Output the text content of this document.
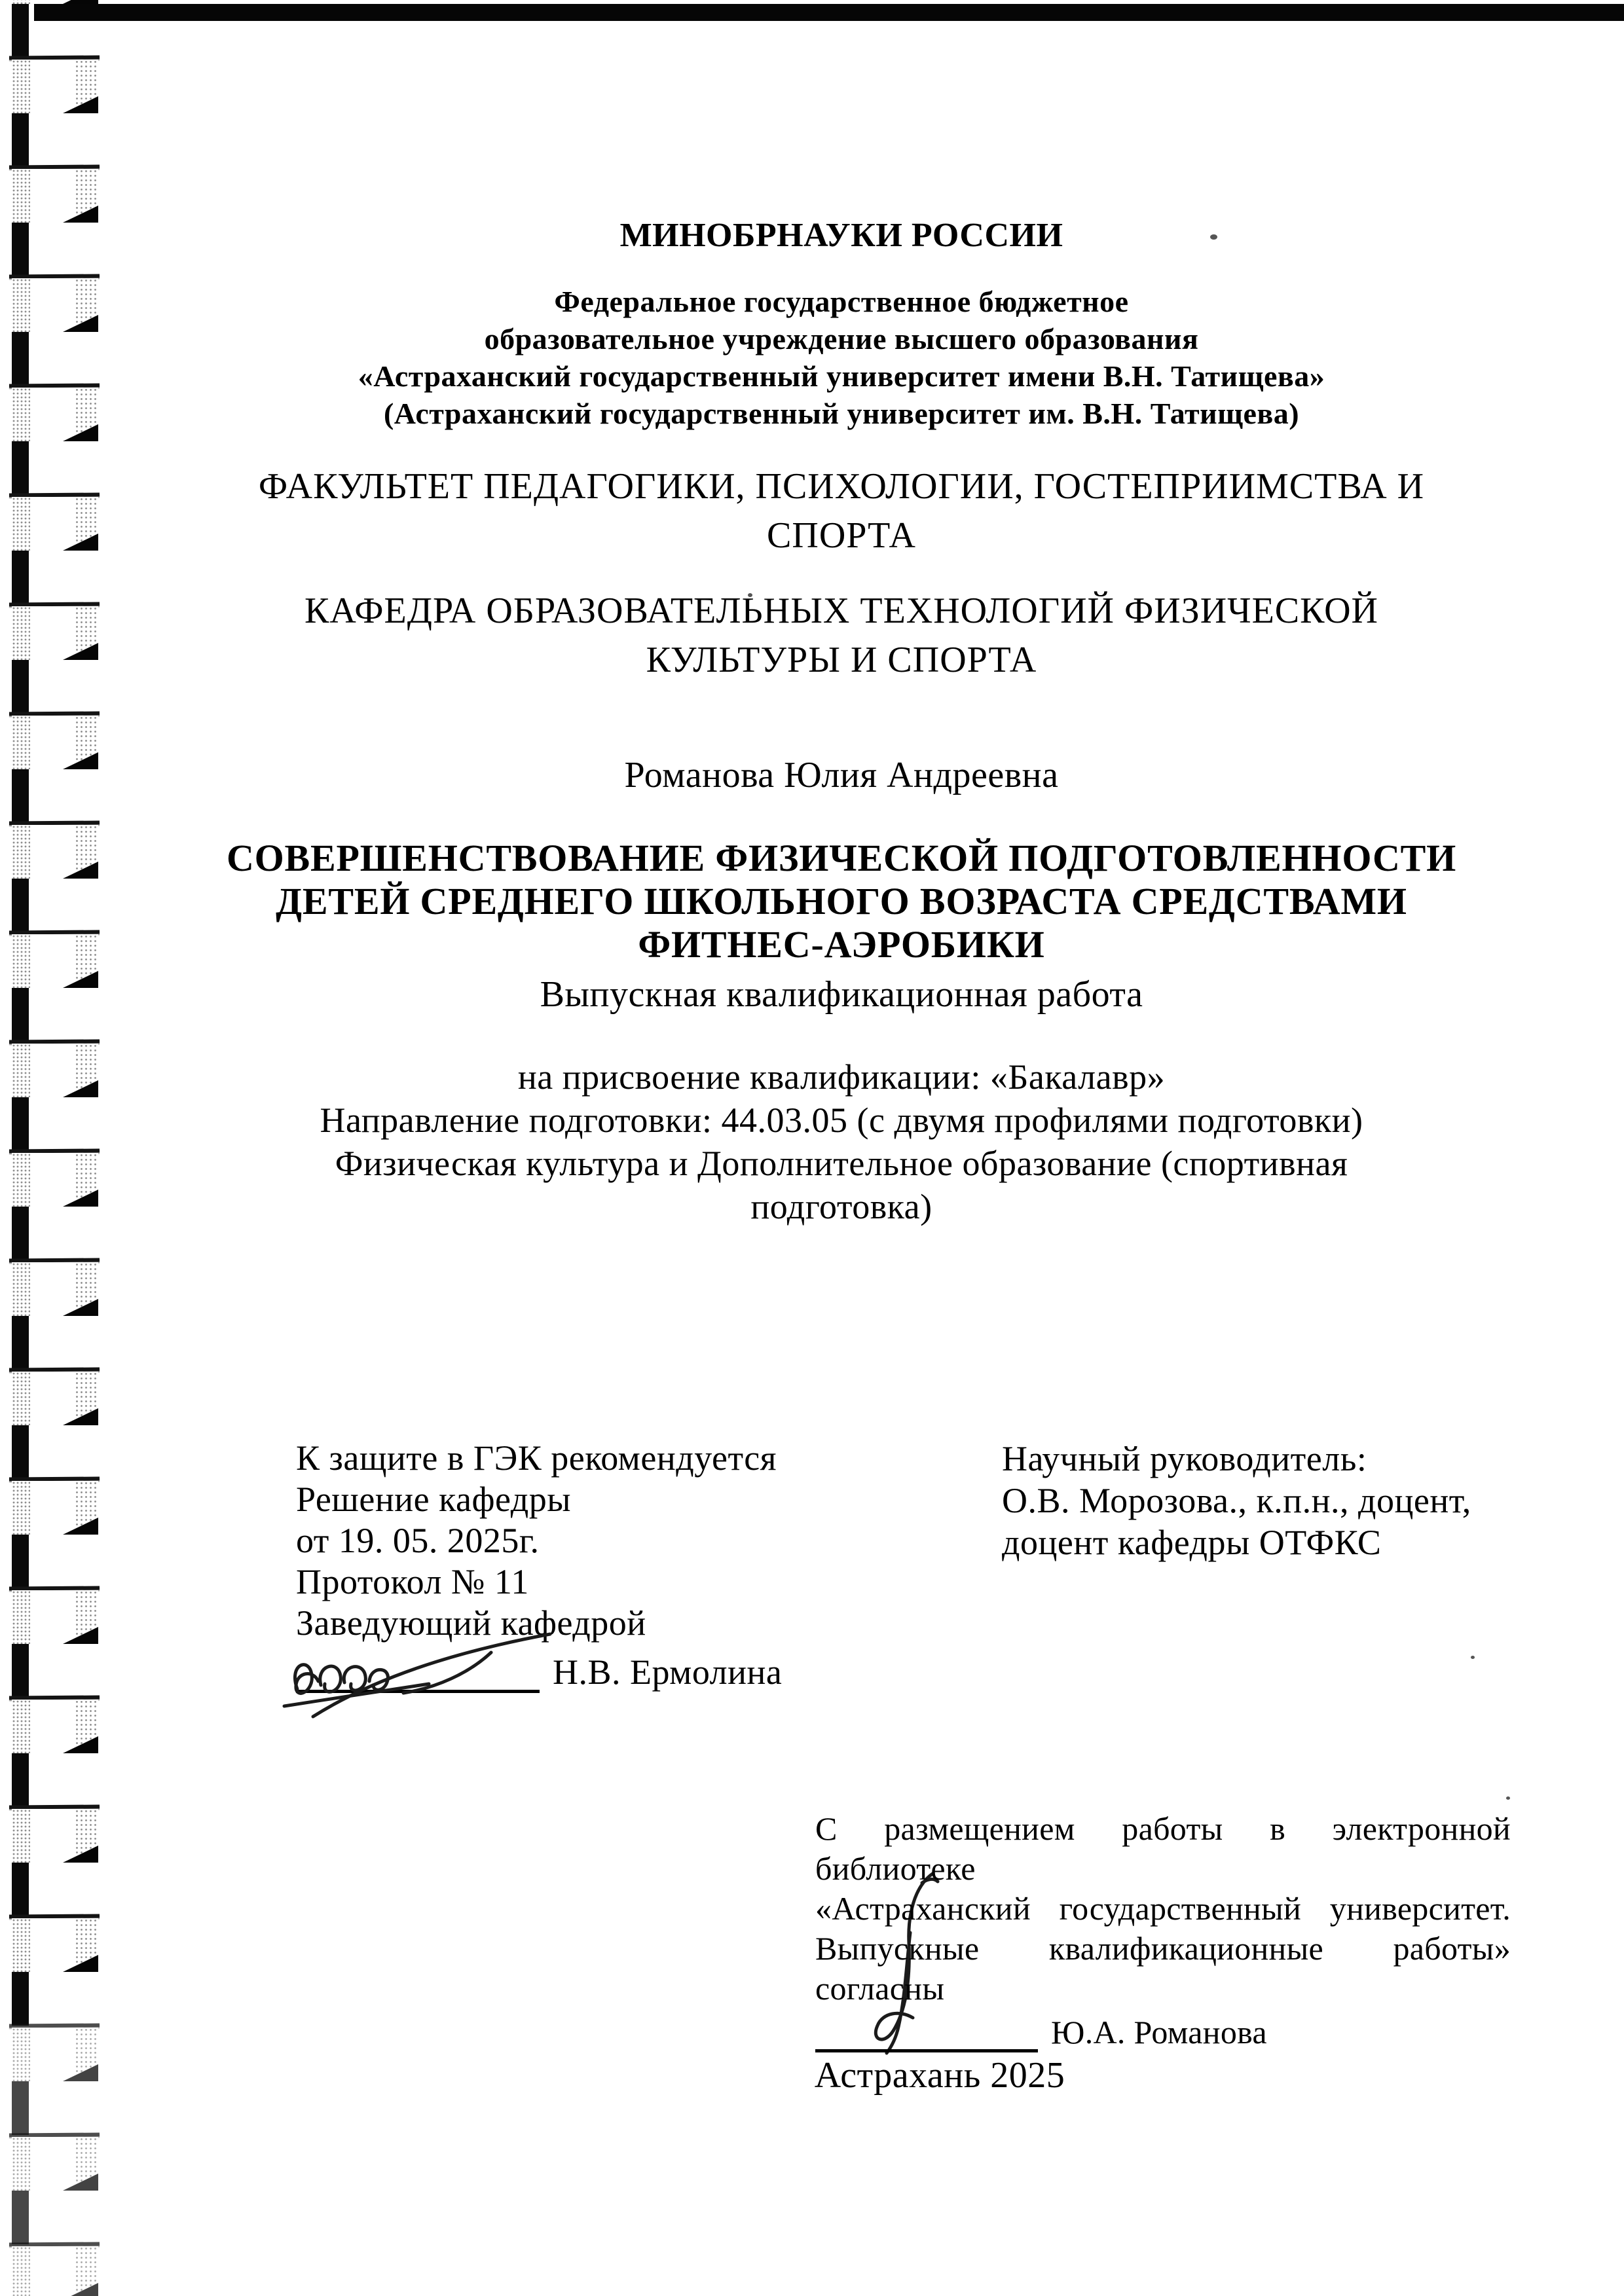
МИНОБРНАУКИ РОССИИ
Федеральное государственное бюджетное
образовательное учреждение высшего образования
«Астраханский государственный университет имени В.Н. Татищева»
(Астраханский государственный университет им. В.Н. Татищева)
ФАКУЛЬТЕТ ПЕДАГОГИКИ, ПСИХОЛОГИИ, ГОСТЕПРИИМСТВА И
СПОРТА
КАФЕДРА ОБРАЗОВАТЕЛЬНЫХ ТЕХНОЛОГИЙ ФИЗИЧЕСКОЙ
КУЛЬТУРЫ И СПОРТА
Романова Юлия Андреевна
СОВЕРШЕНСТВОВАНИЕ ФИЗИЧЕСКОЙ ПОДГОТОВЛЕННОСТИ
ДЕТЕЙ СРЕДНЕГО ШКОЛЬНОГО ВОЗРАСТА СРЕДСТВАМИ
ФИТНЕС-АЭРОБИКИ
Выпускная квалификационная работа
на присвоение квалификации: «Бакалавр»
Направление подготовки: 44.03.05 (с двумя профилями подготовки)
Физическая культура и Дополнительное образование (спортивная
подготовка)
К защите в ГЭК рекомендуется
Решение кафедры
от 19. 05. 2025г.
Протокол № 11
Заведующий кафедрой
Н.В. Ермолина
Научный руководитель:
О.В. Морозова., к.п.н., доцент,
доцент кафедры ОТФКС
С размещением работы в электронной библиотеке
«Астраханский государственный университет.
Выпускные квалификационные работы» согласны
Ю.А. Романова
Астрахань 2025
